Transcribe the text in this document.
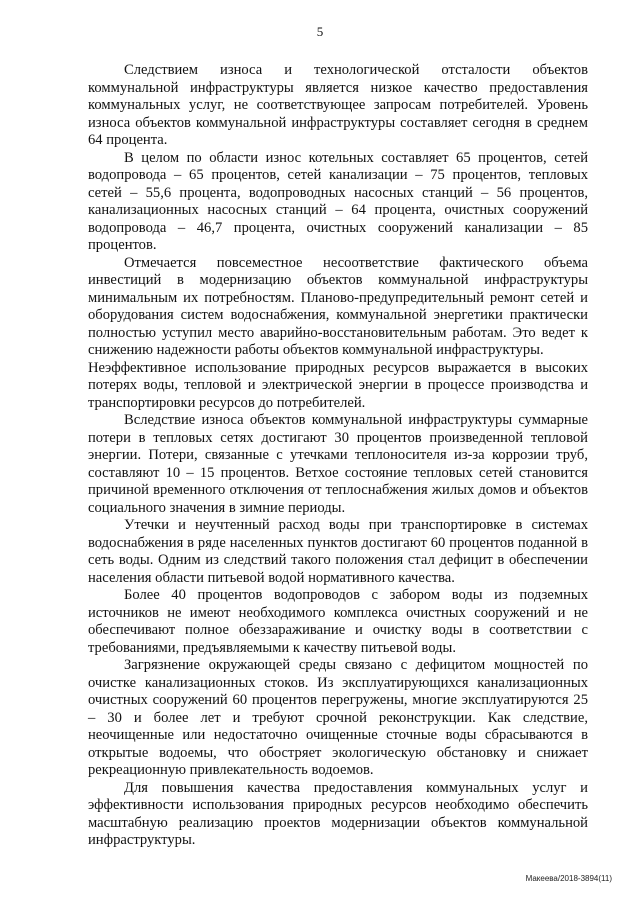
5

Следствием износа и технологической отсталости объектов коммунальной инфраструктуры является низкое качество предоставления коммунальных услуг, не соответствующее запросам потребителей. Уровень износа объектов коммунальной инфраструктуры составляет сегодня в среднем 64 процента.

В целом по области износ котельных составляет 65 процентов, сетей водопровода – 65 процентов, сетей канализации – 75 процентов, тепловых сетей – 55,6 процента, водопроводных насосных станций – 56 процентов, канализационных насосных станций – 64 процента, очистных сооружений водопровода – 46,7 процента, очистных сооружений канализации – 85 процентов.

Отмечается повсеместное несоответствие фактического объема инвестиций в модернизацию объектов коммунальной инфраструктуры минимальным их потребностям. Планово-предупредительный ремонт сетей и оборудования систем водоснабжения, коммунальной энергетики практически полностью уступил место аварийно-восстановительным работам. Это ведет к снижению надежности работы объектов коммунальной инфраструктуры.

Неэффективное использование природных ресурсов выражается в высоких потерях воды, тепловой и электрической энергии в процессе производства и транспортировки ресурсов до потребителей.

Вследствие износа объектов коммунальной инфраструктуры суммарные потери в тепловых сетях достигают 30 процентов произведенной тепловой энергии. Потери, связанные с утечками теплоносителя из-за коррозии труб, составляют 10 – 15 процентов. Ветхое состояние тепловых сетей становится причиной временного отключения от теплоснабжения жилых домов и объектов социального значения в зимние периоды.

Утечки и неучтенный расход воды при транспортировке в системах водоснабжения в ряде населенных пунктов достигают 60 процентов поданной в сеть воды. Одним из следствий такого положения стал дефицит в обеспечении населения области питьевой водой нормативного качества.

Более 40 процентов водопроводов с забором воды из подземных источников не имеют необходимого комплекса очистных сооружений и не обеспечивают полное обеззараживание и очистку воды в соответствии с требованиями, предъявляемыми к качеству питьевой воды.

Загрязнение окружающей среды связано с дефицитом мощностей по очистке канализационных стоков. Из эксплуатирующихся канализационных очистных сооружений 60 процентов перегружены, многие эксплуатируются 25 – 30 и более лет и требуют срочной реконструкции. Как следствие, неочищенные или недостаточно очищенные сточные воды сбрасываются в открытые водоемы, что обостряет экологическую обстановку и снижает рекреационную привлекательность водоемов.

Для повышения качества предоставления коммунальных услуг и эффективности использования природных ресурсов необходимо обеспечить масштабную реализацию проектов модернизации объектов коммунальной инфраструктуры.

Макеева/2018-3894(11)
